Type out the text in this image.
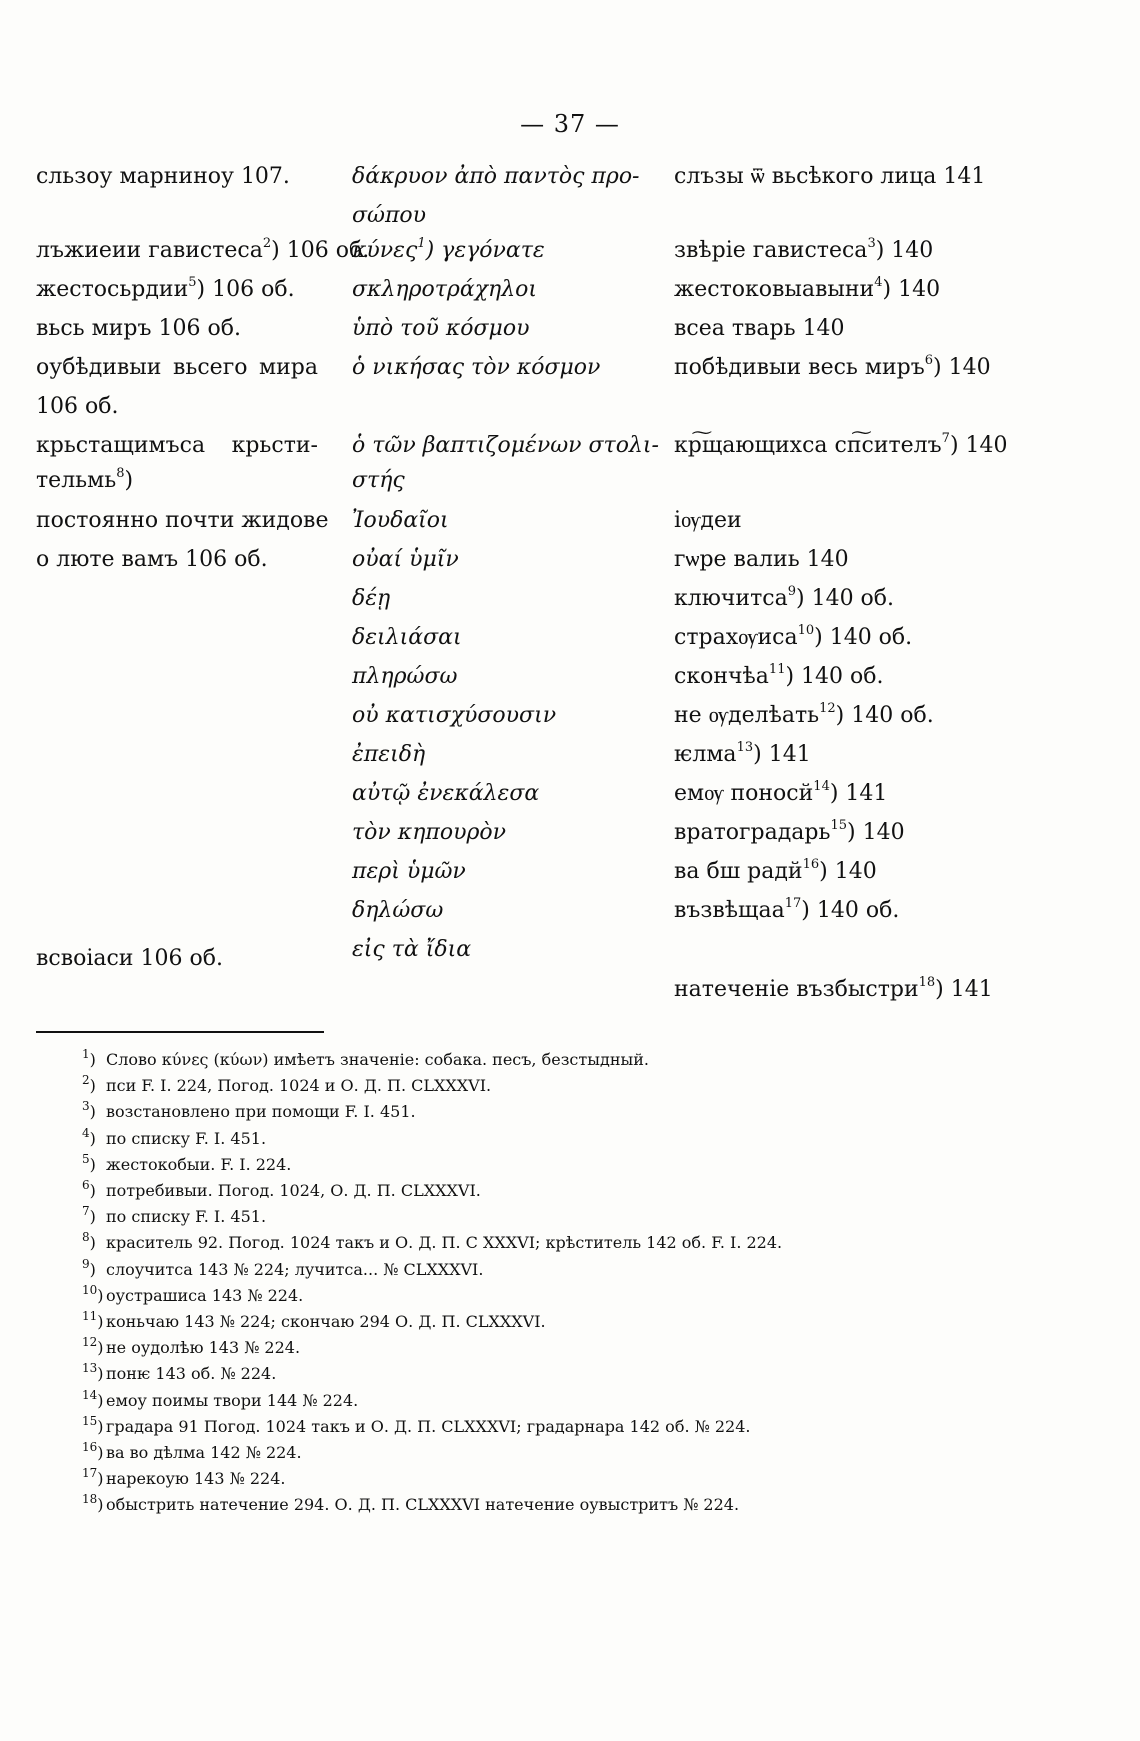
— 37 —
сльзоу марниноу 107.
лъжиеии гавистеса$^2$) 106 об.
жестосьрдии$^5$) 106 об.
вьсь миръ 106 об.
оубѣдивыи вьсего мира
106 об.
крьстащимъса крьсти-
тельмь$^8$)
постоянно почти жидове
о люте вамъ 106 об.
всвоіаси 106 об.
δάκρυον ἀπὸ παντὸς προ-
σώπου
κύνες$^1$) γεγόνατε
σκληροτράχηλοι
ὑπὸ τοῦ κόσμου
ὁ νικήσας τὸν κόσμον
ὁ τῶν βαπτιζομένων στολι-
στής
Ἰουδαῖοι
οὐαί ὑμῖν
δέῃ
δειλιάσαι
πληρώσω
οὐ κατισχύσουσιν
ἐπειδὴ
αὐτῷ ἐνεκάλεσα
τὸν κηπουρὸν
περὶ ὑμῶν
δηλώσω
εἰς τὰ ἴδια
слъзы ѿ вьсѣкого лица 141
звѣріе гавистеса$^3$) 140
жестоковыавыни$^4$) 140
всеа тварь 140
побѣдивыи весь миръ$^6$) 140
кр͠щающихса сп͠сителъ$^7$) 140
іѹдеи
гѡре валиь 140
ключитса$^9$) 140 об.
страхѹиса$^{10}$) 140 об.
скончѣа$^{11}$) 140 об.
не ѹделѣать$^{12}$) 140 об.
ѥлма$^{13}$) 141
емѹ поносй$^{14}$) 141
вратоградарь$^{15}$) 140
ва бш радй$^{16}$) 140
възвѣщаа$^{17}$) 140 об.
натеченіе възбыстри$^{18}$) 141
$^1$) Слово κύνες (κύων) имѣетъ значеніе: собака. песъ, безстыдный.
$^2$) пси F. I. 224, Погод. 1024 и О. Д. П. CLXXXVI.
$^3$) возстановлено при помощи F. I. 451.
$^4$) по списку F. I. 451.
$^5$) жестокобыи. F. I. 224.
$^6$) потребивыи. Погод. 1024, О. Д. П. CLXXXVI.
$^7$) по списку F. I. 451.
$^8$) краситель 92. Погод. 1024 такъ и О. Д. П. С XXXVI; крѣститель 142 об. F. I. 224.
$^9$) слоучитса 143 № 224; лучитса... № CLXXXVI.
$^{10}$) оустрашиса 143 № 224.
$^{11}$) коньчаю 143 № 224; скончаю 294 О. Д. П. CLXXXVI.
$^{12}$) не оудолѣю 143 № 224.
$^{13}$) понѥ 143 об. № 224.
$^{14}$) емоу поимы твори 144 № 224.
$^{15}$) градара 91 Погод. 1024 такъ и О. Д. П. CLXXXVI; градарнара 142 об. № 224.
$^{16}$) ва во дѣлма 142 № 224.
$^{17}$) нарекоую 143 № 224.
$^{18}$) обыстрить натечение 294. О. Д. П. CLXXXVI натечение оувыстритъ № 224.
